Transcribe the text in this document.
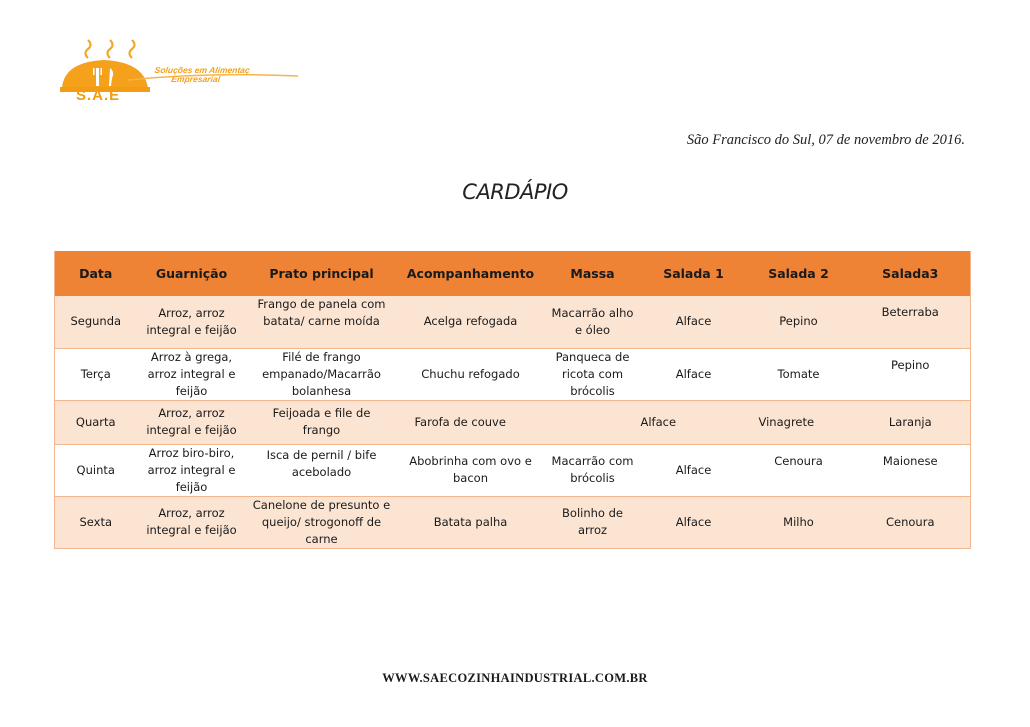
Soluções em Alimentaç
Empresarial
S.A.E
São Francisco do Sul, 07 de novembro de 2016.
CARDÁPIO
Data	Guarnição	Prato principal	Acompanhamento	Massa	Salada 1	Salada 2	Salada3
Segunda	Arroz, arroz integral e feijão	Frango de panela com batata/ carne moída	Acelga refogada	Macarrão alho e óleo	Alface	Pepino	Beterraba
Terça	Arroz à grega, arroz integral e feijão	Filé de frango empanado/Macarrão bolanhesa	Chuchu refogado	Panqueca de ricota com brócolis	Alface	Tomate	Pepino
Quarta	Arroz, arroz integral e feijão	Feijoada e file de frango	Farofa de couve		Alface	Vinagrete	Laranja
Quinta	Arroz biro-biro, arroz integral e feijão	Isca de pernil / bife acebolado	Abobrinha com ovo e bacon	Macarrão com brócolis	Alface	Cenoura	Maionese
Sexta	Arroz, arroz integral e feijão	Canelone de presunto e queijo/ strogonoff de carne	Batata palha	Bolinho de arroz	Alface	Milho	Cenoura
WWW.SAECOZINHAINDUSTRIAL.COM.BR
